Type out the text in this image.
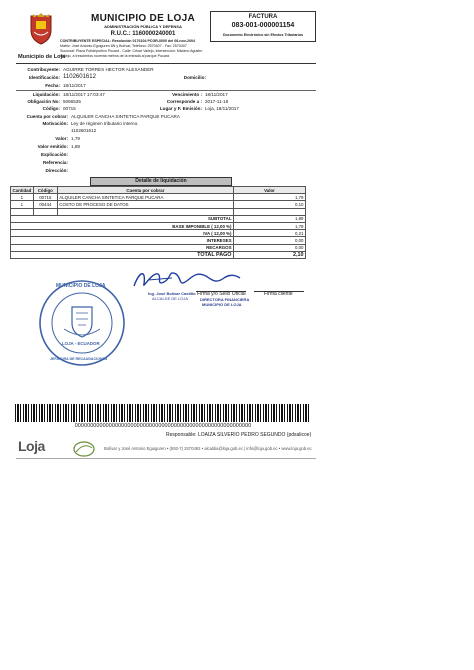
MUNICIPIO DE LOJA
ADMINISTRACIÓN PÚBLICA Y DEFENSA
R.U.C.: 1160000240001
CONTRIBUYENTE ESPECIAL: Resolución 0176104 PCGR-0000 del 08-nov-2004
Matriz: José Antonio Eguiguren 8N y Bolívar, Teléfono: 2570407 - Fax: 2570407
Sucursal: Plaza Polideportivo Pucará - Calle: César Vallejo, intersección: Máximo Agustín
Municipio de Loja
Vallejo, a trescientos noventa metros de la entrada al parque Pucará
FACTURA
083-001-000001154
Documento Electrónico sin Efectos Tributarios
Contribuyente: AGUIRRE TORRES HECTOR ALEXANDER
Identificación: 1102601612	Domicilio:
Fecha: 18/11/2017
Liquidación: 18/11/2017 17:03:47	Vencimiento : 18/11/2017
Obligación No: 5066535	Corresponde a : 2017-11-18
Código: 00715	Lugar y F. Emisión: Loja, 18/11/2017
Cuenta por cobrar: ALQUILER CANCHA SINTETICA PARQUE PUCARA
Motivación: Ley de régimen tributario interno.
1102601612
Valor: 1,79
Valor emitido: 1,89
Explicación:
Referencia:
Dirección:
Detalle de liquidación
Cantidad	Código	Cuenta por cobrar	Valor
1	00715	ALQUILER CANCHA SINTETICA PARQUE PUCARA	1,79
1	00444	COSTO DE PROCESO DE DATOS	0,10

SUBTOTAL			1,89
BASE IMPONIBLE ( 12,00 %)			1,79
IVA ( 12,00 %)			0,21
INTERESES			0,00
RECARGOS			0,00
TOTAL PAGO			2,10
Ing. José Bolívar Castillo
ALCALDE DE LOJA
Firma y/o Sello Oficial
DIRECTORA FINANCIERA
MUNICIPIO DE LOJA
Firma cliente
MUNICIPIO DE LOJA
LOJA - ECUADOR
JEFATURA DE RECAUDACIONES
000000000000000000000000000000000000000000000000000000000
Responsable: LOAIZA SILVERIO PEDRO SEGUNDO (pdsalicoe)
Loja	Bolívar y José Antonio Eguiguren • (593-7) 2570492 • alcaldia@loja.gob.ec | info@loja.gob.ec • www.loja.gob.ec
